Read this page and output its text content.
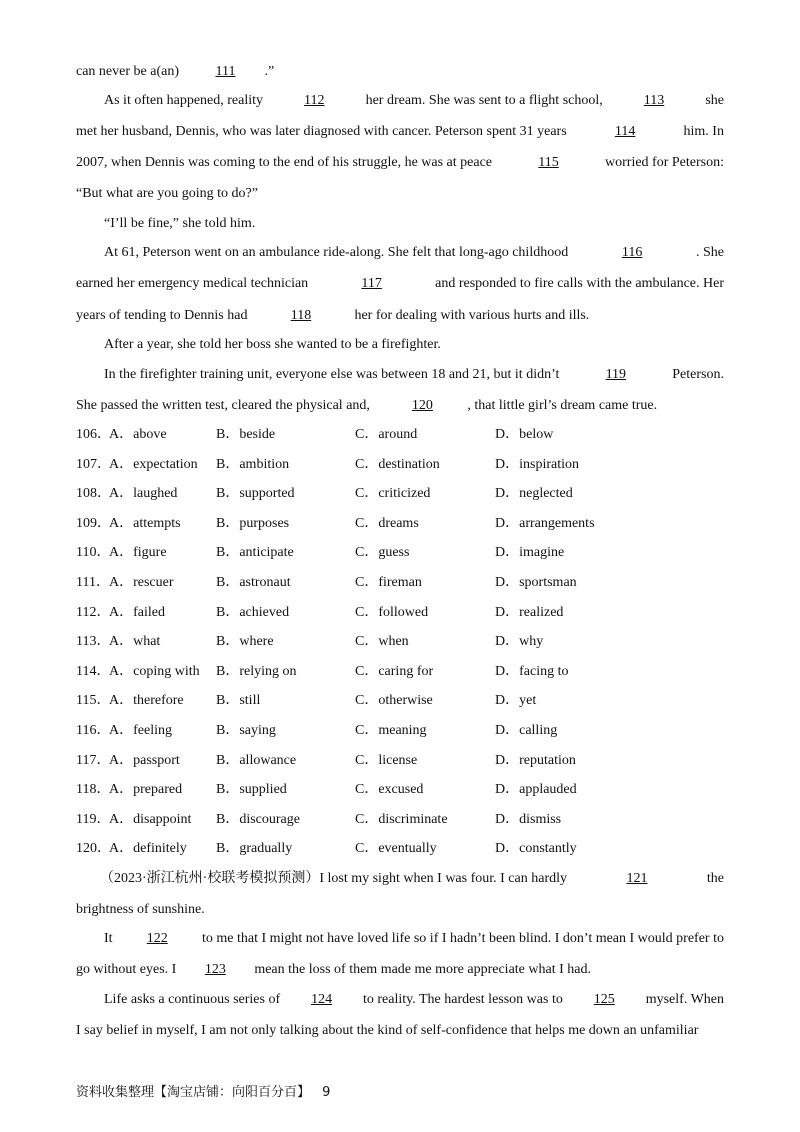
can never be a(an)	111 .”
As it often happened, reality	112	her dream. She was sent to a flight school,	113	she
met her husband, Dennis, who was later diagnosed with cancer. Peterson spent 31 years	114	him. In
2007, when Dennis was coming to the end of his struggle, he was at peace	115	worried for Peterson:
“But what are you going to do?”
“I’ll be fine,” she told him.
At 61, Peterson went on an ambulance ride-along. She felt that long-ago childhood	116	. She
earned her emergency medical technician	117	and responded to fire calls with the ambulance. Her
years of tending to Dennis had	118	her for dealing with various hurts and ills.
After a year, she told her boss she wanted to be a firefighter.
In the firefighter training unit, everyone else was between 18 and 21, but it didn’t	119	Peterson.
She passed the written test, cleared the physical and,	120 , that little girl’s dream came true.
106．
A．above	B．beside	C．around	D．below
107．
A．expectation B．ambition	C．destination	D．inspiration
108．
A．laughed	B．supported	C．criticized	D．neglected
109．
A．attempts	B．purposes	C．dreams	D．arrangements
110．
A．figure	B．anticipate	C．guess	D．imagine
111． A．rescuer	B．astronaut	C．fireman	D．sportsman
112．
A．failed	B．achieved	C．followed	D．realized
113．
A．what	B．where	C．when	D．why
114．
A．coping with B．relying on	C．caring for	D．facing to
115．
A．therefore B．still	C．otherwise	D．yet
116．
A．feeling	B．saying	C．meaning	D．calling
117．
A．passport	B．allowance	C．license	D．reputation
118．
A．prepared B．supplied	C．excused	D．applauded
119．
A．disappoint B．discourage	C．discriminate	D．dismiss
120．
A．definitely B．gradually	C．eventually	D．constantly
（2023·浙江杭州·校联考模拟预测）I lost my sight when I was four. I can hardly	121	the
brightness of sunshine.
It	122	to me that I might not have loved life so if I hadn’t been blind. I don’t mean I would prefer to
go without eyes. I 123 mean the loss of them made me more appreciate what I had.
Life asks a continuous series of	124	to reality. The hardest lesson was to	125	myself. When
I say belief in myself, I am not only talking about the kind of self-confidence that helps me down an unfamiliar
资料收集整理【淘宝店铺：向阳百分百】 9
